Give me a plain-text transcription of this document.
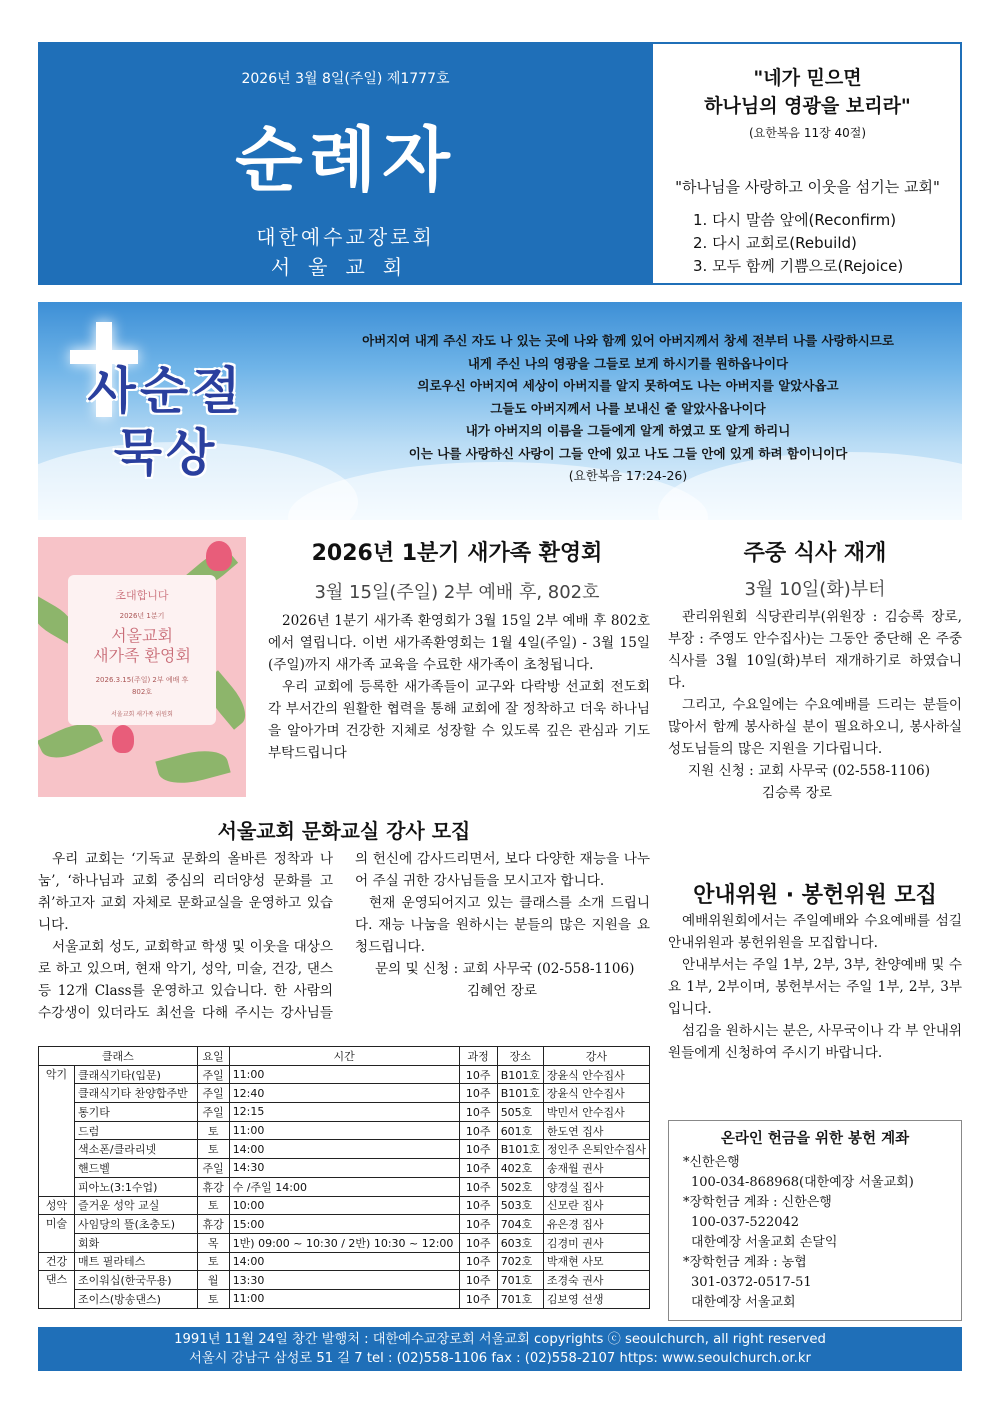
2026년 3월 8일(주일) 제1777호
순례자
대한예수교장로회
서울교회
"네가 믿으면
하나님의 영광을 보리라"
(요한복음 11장 40절)
"하나님을 사랑하고 이웃을 섬기는 교회"
1. 다시 말씀 앞에(Reconfirm)
2. 다시 교회로(Rebuild)
3. 모두 함께 기쁨으로(Rejoice)
사순절
묵상
아버지여 내게 주신 자도 나 있는 곳에 나와 함께 있어 아버지께서 창세 전부터 나를 사랑하시므로
내게 주신 나의 영광을 그들로 보게 하시기를 원하옵나이다
의로우신 아버지여 세상이 아버지를 알지 못하여도 나는 아버지를 알았사옵고
그들도 아버지께서 나를 보내신 줄 알았사옵나이다
내가 아버지의 이름을 그들에게 알게 하였고 또 알게 하리니
이는 나를 사랑하신 사랑이 그들 안에 있고 나도 그들 안에 있게 하려 함이니이다
(요한복음 17:24-26)
초대합니다
2026년 1분기
서울교회
새가족 환영회
2026.3.15(주일) 2부 예배 후
802호
서울교회 새가족 위원회
2026년 1분기 새가족 환영회
3월 15일(주일) 2부 예배 후, 802호

2026년 1분기 새가족 환영회가 3월 15일 2부 예배 후 802호에서 열립니다. 이번 새가족환영회는 1월 4일(주일) - 3월 15일(주일)까지 새가족 교육을 수료한 새가족이 초청됩니다.

우리 교회에 등록한 새가족들이 교구와 다락방 선교회 전도회 각 부서간의 원활한 협력을 통해 교회에 잘 정착하고 더욱 하나님을 알아가며 건강한 지체로 성장할 수 있도록 깊은 관심과 기도 부탁드립니다

주중 식사 재개
3월 10일(화)부터

관리위원회 식당관리부(위원장 : 김승록 장로, 부장 : 주영도 안수집사)는 그동안 중단해 온 주중 식사를 3월 10일(화)부터 재개하기로 하였습니다.

그리고, 수요일에는 수요예배를 드리는 분들이 많아서 함께 봉사하실 분이 필요하오니, 봉사하실 성도님들의 많은 지원을 기다립니다.

지원 신청 : 교회 사무국 (02-558-1106)
김승록 장로
서울교회 문화교실 강사 모집

우리 교회는 ‘기독교 문화의 올바른 정착과 나눔’, ‘하나님과 교회 중심의 리더양성 문화를 고취’하고자 교회 자체로 문화교실을 운영하고 있습니다.

서울교회 성도, 교회학교 학생 및 이웃을 대상으로 하고 있으며, 현재 악기, 성악, 미술, 건강, 댄스 등 12개 Class를 운영하고 있습니다. 한 사람의 수강생이 있더라도 최선을 다해 주시는 강사님들의 헌신에 감사드리면서, 보다 다양한 재능을 나누어 주실 귀한 강사님들을 모시고자 합니다.

현재 운영되어지고 있는 클래스를 소개 드립니다. 재능 나눔을 원하시는 분들의 많은 지원을 요청드립니다.

문의 및 신청 : 교회 사무국 (02-558-1106)
김혜언 장로
안내위원 · 봉헌위원 모집

예배위원회에서는 주일예배와 수요예배를 섬길 안내위원과 봉헌위원을 모집합니다.

안내부서는 주일 1부, 2부, 3부, 찬양예배 및 수요 1부, 2부이며, 봉헌부서는 주일 1부, 2부, 3부입니다.

섬김을 원하시는 분은, 사무국이나 각 부 안내위원들에게 신청하여 주시기 바랍니다.

클래스		요일	시간	과정	장소	강사
악기	클래식기타(입문)	주일	11:00	10주	B101호	장윤식 안수집사
	클래식기타 찬양합주반	주일	12:40	10주	B101호	장윤식 안수집사
	통기타	주일	12:15	10주	505호	박민서 안수집사
	드럼	토	11:00	10주	601호	한도연 집사
	색소폰/클라리넷	토	14:00	10주	B101호	정인주 은퇴안수집사
	핸드벨	주일	14:30	10주	402호	송재월 권사
	피아노(3:1수업)	휴강	수 /주일 14:00	10주	502호	양경실 집사
성악	즐거운 성악 교실	토	10:00	10주	503호	신모란 집사
미술	사임당의 뜰(초충도)	휴강	15:00	10주	704호	유은경 집사
	회화	목	1반) 09:00 ~ 10:30 / 2반) 10:30 ~ 12:00	10주	603호	김경미 권사
건강	매트 필라테스	토	14:00	10주	702호	박재현 사모
댄스	조이워십(한국무용)	월	13:30	10주	701호	조경숙 권사
	조이스(방송댄스)	토	11:00	10주	701호	김보영 선생
온라인 헌금을 위한 봉헌 계좌
*신한은행
100-034-868968(대한예장 서울교회)
*장학헌금 계좌 : 신한은행
100-037-522042
대한예장 서울교회 손달익
*장학헌금 계좌 : 농협
301-0372-0517-51
대한예장 서울교회
1991년 11월 24일 창간 발행처 : 대한예수교장로회 서울교회 copyrights ⓒ seoulchurch, all right reserved
서울시 강남구 삼성로 51 길 7 tel : (02)558-1106 fax : (02)558-2107 https: www.seoulchurch.or.kr
